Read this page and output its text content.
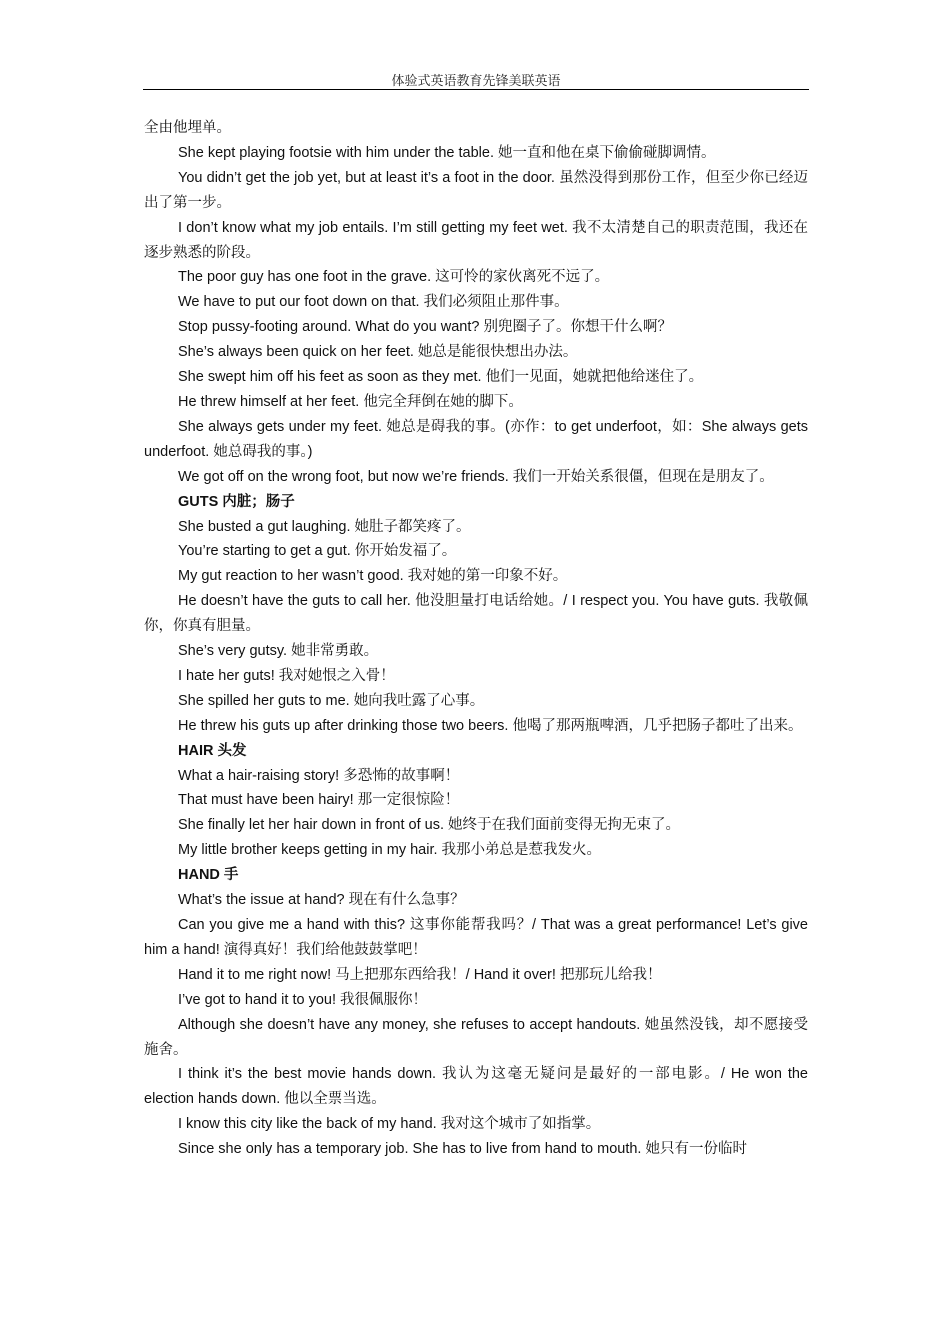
体验式英语教育先锋美联英语

全由他埋单。

She kept playing footsie with him under the table. 她一直和他在桌下偷偷碰脚调情。

You didn’t get the job yet, but at least it’s a foot in the door. 虽然没得到那份工作，但至少你已经迈出了第一步。

I don’t know what my job entails. I’m still getting my feet wet. 我不太清楚自己的职责范围，我还在逐步熟悉的阶段。

The poor guy has one foot in the grave. 这可怜的家伙离死不远了。

We have to put our foot down on that. 我们必须阻止那件事。

Stop pussy-footing around. What do you want? 别兜圈子了。你想干什么啊？

She’s always been quick on her feet. 她总是能很快想出办法。

She swept him off his feet as soon as they met. 他们一见面，她就把他给迷住了。

He threw himself at her feet. 他完全拜倒在她的脚下。

She always gets under my feet. 她总是碍我的事。(亦作：to get underfoot，如：She always gets underfoot. 她总碍我的事。)

We got off on the wrong foot, but now we’re friends. 我们一开始关系很僵，但现在是朋友了。

GUTS 内脏；肠子

She busted a gut laughing. 她肚子都笑疼了。

You’re starting to get a gut. 你开始发福了。

My gut reaction to her wasn’t good. 我对她的第一印象不好。

He doesn’t have the guts to call her. 他没胆量打电话给她。/ I respect you. You have guts. 我敬佩你，你真有胆量。

She’s very gutsy. 她非常勇敢。

I hate her guts! 我对她恨之入骨！

She spilled her guts to me. 她向我吐露了心事。

He threw his guts up after drinking those two beers. 他喝了那两瓶啤酒，几乎把肠子都吐了出来。

HAIR 头发

What a hair-raising story! 多恐怖的故事啊！

That must have been hairy! 那一定很惊险！

She finally let her hair down in front of us. 她终于在我们面前变得无拘无束了。

My little brother keeps getting in my hair. 我那小弟总是惹我发火。

HAND 手

What’s the issue at hand? 现在有什么急事？

Can you give me a hand with this? 这事你能帮我吗？/ That was a great performance! Let’s give him a hand! 演得真好！我们给他鼓鼓掌吧！

Hand it to me right now! 马上把那东西给我！/ Hand it over! 把那玩儿给我！

I’ve got to hand it to you! 我很佩服你！

Although she doesn’t have any money, she refuses to accept handouts. 她虽然没钱，却不愿接受施舍。

I think it’s the best movie hands down. 我认为这毫无疑问是最好的一部电影。/ He won the election hands down. 他以全票当选。

I know this city like the back of my hand. 我对这个城市了如指掌。

Since she only has a temporary job. She has to live from hand to mouth. 她只有一份临时
